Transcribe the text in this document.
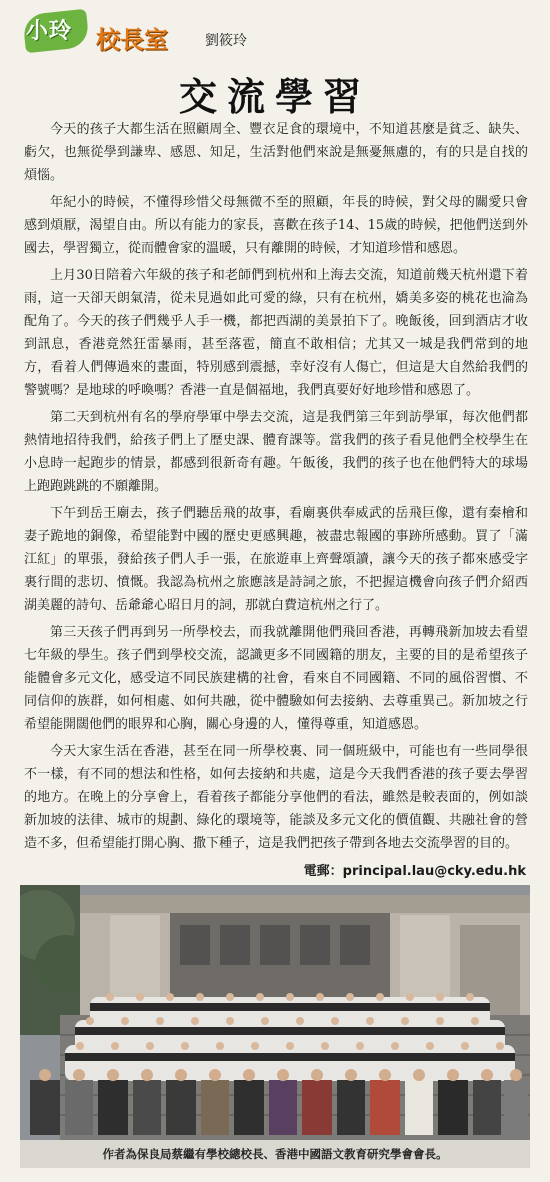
小玲 校長室	劉筱玲
交流學習

今天的孩子大都生活在照顧周全、豐衣足食的環境中，不知道甚麼是貧乏、缺失、虧欠，也無從學到謙卑、感恩、知足，生活對他們來說是無憂無慮的，有的只是自找的煩惱。

年紀小的時候，不懂得珍惜父母無微不至的照顧，年長的時候，對父母的關愛只會感到煩厭，渴望自由。所以有能力的家長，喜歡在孩子14、15歲的時候，把他們送到外國去，學習獨立，從而體會家的溫暖，只有離開的時候，才知道珍惜和感恩。

上月30日陪着六年級的孩子和老師們到杭州和上海去交流，知道前幾天杭州還下着雨，這一天卻天朗氣清，從未見過如此可愛的綠，只有在杭州，嬌美多姿的桃花也淪為配角了。今天的孩子們幾乎人手一機，都把西湖的美景拍下了。晚飯後，回到酒店才收到訊息，香港竟然狂雷暴雨，甚至落雹，簡直不敢相信；尤其又一城是我們常到的地方，看着人們傳過來的畫面，特別感到震撼，幸好沒有人傷亡，但這是大自然給我們的警號嗎？是地球的呼喚嗎？香港一直是個福地，我們真要好好地珍惜和感恩了。

第二天到杭州有名的學府學軍中學去交流，這是我們第三年到訪學軍，每次他們都熱情地招待我們，給孩子們上了歷史課、體育課等。當我們的孩子看見他們全校學生在小息時一起跑步的情景，都感到很新奇有趣。午飯後，我們的孩子也在他們特大的球場上跑跑跳跳的不願離開。

下午到岳王廟去，孩子們聽岳飛的故事，看廟裏供奉威武的岳飛巨像，還有秦檜和妻子跪地的銅像，希望能對中國的歷史更感興趣，被盡忠報國的事跡所感動。買了「滿江紅」的單張，發給孩子們人手一張，在旅遊車上齊聲頌讀，讓今天的孩子都來感受字裏行間的悲切、憤慨。我認為杭州之旅應該是詩詞之旅，不把握這機會向孩子們介紹西湖美麗的詩句、岳爺爺心昭日月的詞，那就白費這杭州之行了。

第三天孩子們再到另一所學校去，而我就離開他們飛回香港，再轉飛新加坡去看望七年級的學生。孩子們到學校交流，認識更多不同國籍的朋友，主要的目的是希望孩子能體會多元文化，感受這不同民族建構的社會，看來自不同國籍、不同的風俗習慣、不同信仰的族群，如何相處、如何共融，從中體驗如何去接納、去尊重異己。新加坡之行希望能開闊他們的眼界和心胸，關心身邊的人，懂得尊重，知道感恩。

今天大家生活在香港，甚至在同一所學校裏、同一個班級中，可能也有一些同學很不一樣，有不同的想法和性格，如何去接納和共處，這是今天我們香港的孩子要去學習的地方。在晚上的分享會上，看着孩子都能分享他們的看法，雖然是較表面的，例如談新加坡的法律、城市的規劃、綠化的環境等，能談及多元文化的價值觀、共融社會的營造不多，但希望能打開心胸、撒下種子，這是我們把孩子帶到各地去交流學習的目的。

電郵：principal.lau@cky.edu.hk
作者為保良局蔡繼有學校總校長、香港中國語文教育研究學會會長。
